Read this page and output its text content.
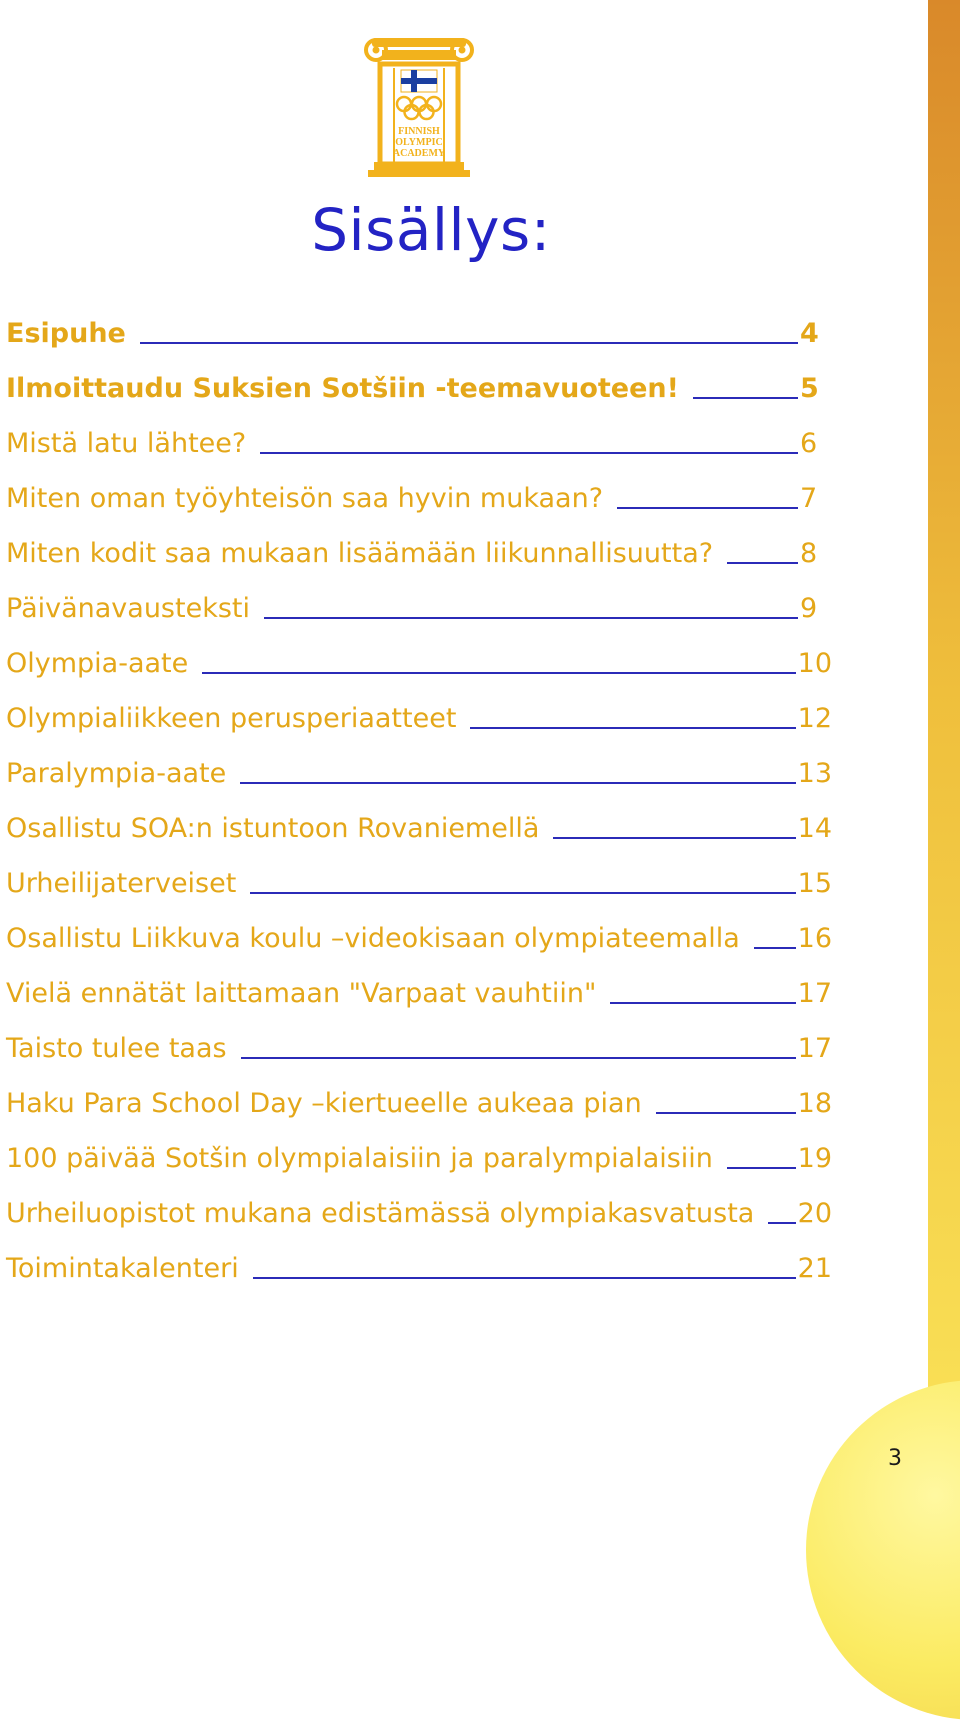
FINNISH
OLYMPIC
ACADEMY
Sisällys:
Esipuhe	4
Ilmoittaudu Suksien Sotšiin -teemavuoteen!	5
Mistä latu lähtee?	6
Miten oman työyhteisön saa hyvin mukaan?	7
Miten kodit saa mukaan lisäämään liikunnallisuutta?	8
Päivänavausteksti	9
Olympia-aate	10
Olympialiikkeen perusperiaatteet	12
Paralympia-aate	13
Osallistu SOA:n istuntoon Rovaniemellä	14
Urheilijaterveiset	15
Osallistu Liikkuva koulu –videokisaan olympiateemalla 16
Vielä ennätät laittamaan "Varpaat vauhtiin"	17
Taisto tulee taas	17
Haku Para School Day –kiertueelle aukeaa pian	18
100 päivää Sotšin olympialaisiin ja paralympialaisiin	19
Urheiluopistot mukana edistämässä olympiakasvatusta 20
Toimintakalenteri	21
3
